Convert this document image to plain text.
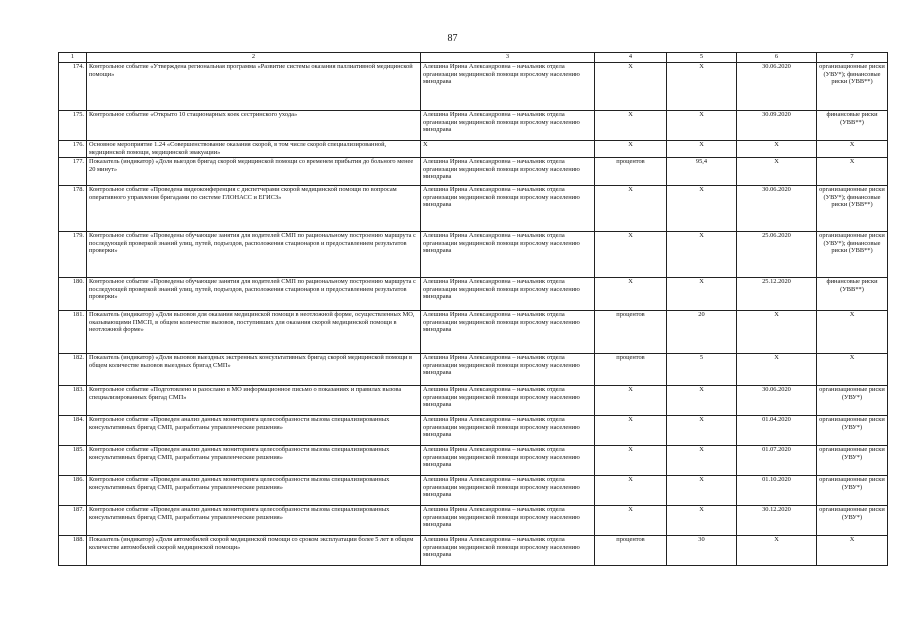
87
1	2	3	4	5	6	7
174.	Контрольное событие «Утверждена региональная программа «Развитие системы оказания паллиативной медицинской помощи»	Алешина Ирина Александровна – начальник отдела организации медицинской помощи взрослому населению минздрава	Х	Х	30.06.2020	организационные риски (УВУ*); финансовые риски (УВВ**)
175.	Контрольное событие «Открыто 10 стационарных коек сестринского ухода»	Алешина Ирина Александровна – начальник отдела организации медицинской помощи взрослому населению минздрава	Х	Х	30.09.2020	финансовые риски (УВВ**)
176.	Основное мероприятие 1.24 «Совершенствование оказания скорой, в том числе скорой специализированной, медицинской помощи, медицинской эвакуации»	Х	Х	Х	Х	Х
177.	Показатель (индикатор) «Доля выездов бригад скорой медицинской помощи со временем прибытия до больного менее 20 минут»	Алешина Ирина Александровна – начальник отдела организации медицинской помощи взрослому населению минздрава	процентов	95,4	Х	Х
178.	Контрольное событие «Проведена видеоконференция с диспетчерами скорой медицинской помощи по вопросам оперативного управления бригадами по системе ГЛОНАСС и ЕГИСЗ»	Алешина Ирина Александровна – начальник отдела организации медицинской помощи взрослому населению минздрава	Х	Х	30.06.2020	организационные риски (УВУ*); финансовые риски (УВВ**)
179.	Контрольное событие «Проведены обучающие занятия для водителей СМП по рациональному построению маршрута с последующей проверкой знаний улиц, путей, подъездов, расположения стационаров и предоставлением результатов проверки»	Алешина Ирина Александровна – начальник отдела организации медицинской помощи взрослому населению минздрава	Х	Х	25.06.2020	организационные риски (УВУ*); финансовые риски (УВВ**)
180.	Контрольное событие «Проведены обучающие занятия для водителей СМП по рациональному построению маршрута с последующей проверкой знаний улиц, путей, подъездов, расположения стационаров и предоставлением результатов проверки»	Алешина Ирина Александровна – начальник отдела организации медицинской помощи взрослому населению минздрава	Х	Х	25.12.2020	финансовые риски (УВВ**)
181.	Показатель (индикатор) «Доля вызовов для оказания медицинской помощи в неотложной форме, осуществленных МО, оказывающими ПМСП, в общем количестве вызовов, поступивших для оказания скорой медицинской помощи в неотложной форме»	Алешина Ирина Александровна – начальник отдела организации медицинской помощи взрослому населению минздрава	процентов	20	Х	Х
182.	Показатель (индикатор) «Доля вызовов выездных экстренных консультативных бригад скорой медицинской помощи в общем количестве вызовов выездных бригад СМП»	Алешина Ирина Александровна – начальник отдела организации медицинской помощи взрослому населению минздрава	процентов	5	Х	Х
183.	Контрольное событие «Подготовлено и разослано в МО информационное письмо о показаниях и правилах вызова специализированных бригад СМП»	Алешина Ирина Александровна – начальник отдела организации медицинской помощи взрослому населению минздрава	Х	Х	30.06.2020	организационные риски (УВУ*)
184.	Контрольное событие «Проведен анализ данных мониторинга целесообразности вызова специализированных консультативных бригад СМП, разработаны управленческие решения»	Алешина Ирина Александровна – начальник отдела организации медицинской помощи взрослому населению минздрава	Х	Х	01.04.2020	организационные риски (УВУ*)
185.	Контрольное событие «Проведен анализ данных мониторинга целесообразности вызова специализированных консультативных бригад СМП, разработаны управленческие решения»	Алешина Ирина Александровна – начальник отдела организации медицинской помощи взрослому населению минздрава	Х	Х	01.07.2020	организационные риски (УВУ*)
186.	Контрольное событие «Проведен анализ данных мониторинга целесообразности вызова специализированных консультативных бригад СМП, разработаны управленческие решения»	Алешина Ирина Александровна – начальник отдела организации медицинской помощи взрослому населению минздрава	Х	Х	01.10.2020	организационные риски (УВУ*)
187.	Контрольное событие «Проведен анализ данных мониторинга целесообразности вызова специализированных консультативных бригад СМП, разработаны управленческие решения»	Алешина Ирина Александровна – начальник отдела организации медицинской помощи взрослому населению минздрава	Х	Х	30.12.2020	организационные риски (УВУ*)
188.	Показатель (индикатор) «Доля автомобилей скорой медицинской помощи со сроком эксплуатации более 5 лет в общем количестве автомобилей скорой медицинской помощи»	Алешина Ирина Александровна – начальник отдела организации медицинской помощи взрослому населению минздрава	процентов	30	Х	Х
